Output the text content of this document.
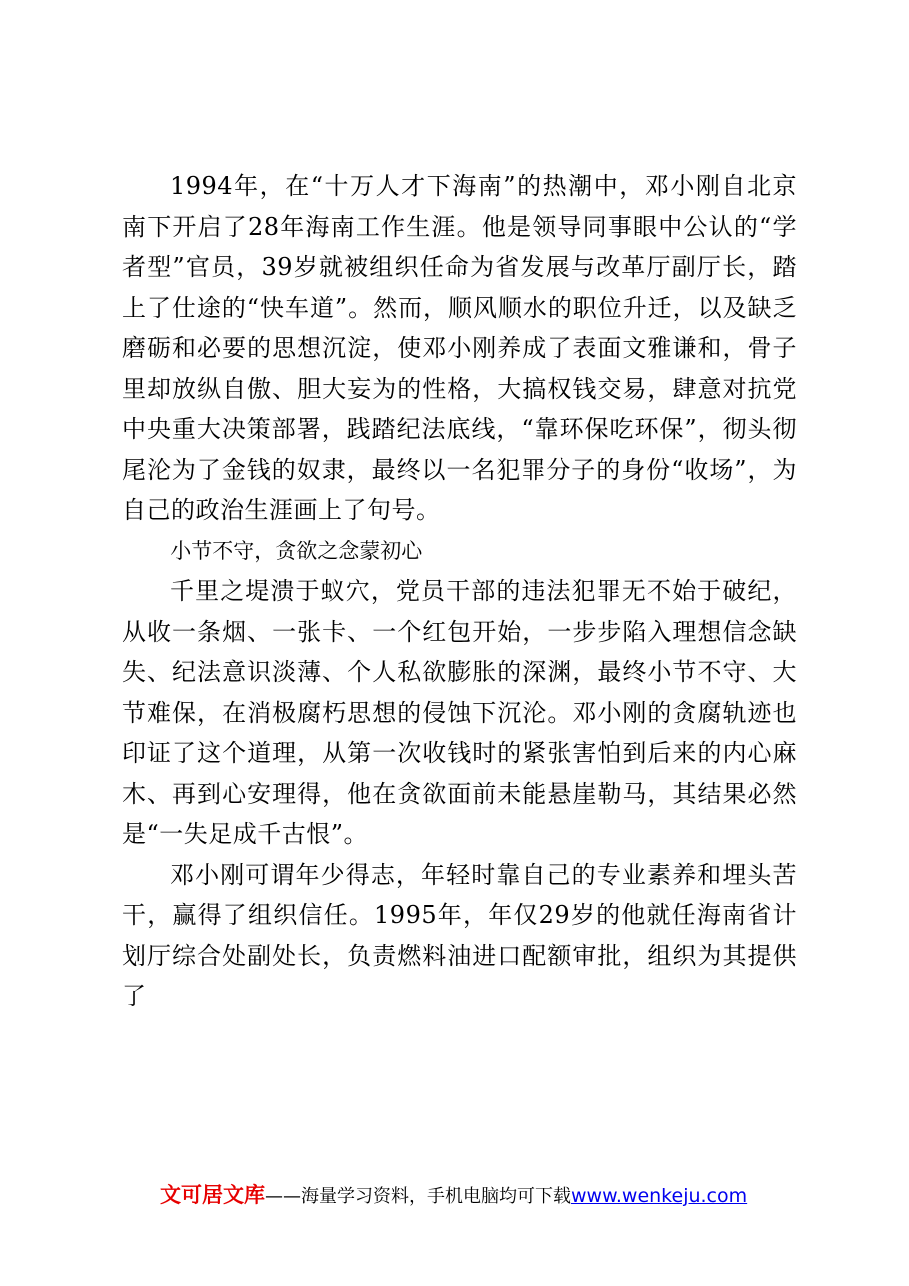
1994年，在“十万人才下海南”的热潮中，邓小刚自北京南下开启了28年海南工作生涯。他是领导同事眼中公认的“学者型”官员，39岁就被组织任命为省发展与改革厅副厅长，踏上了仕途的“快车道”。然而，顺风顺水的职位升迁，以及缺乏磨砺和必要的思想沉淀，使邓小刚养成了表面文雅谦和，骨子里却放纵自傲、胆大妄为的性格，大搞权钱交易，肆意对抗党中央重大决策部署，践踏纪法底线，“靠环保吃环保”，彻头彻尾沦为了金钱的奴隶，最终以一名犯罪分子的身份“收场”，为自己的政治生涯画上了句号。

小节不守，贪欲之念蒙初心

千里之堤溃于蚁穴，党员干部的违法犯罪无不始于破纪，从收一条烟、一张卡、一个红包开始，一步步陷入理想信念缺失、纪法意识淡薄、个人私欲膨胀的深渊，最终小节不守、大节难保，在消极腐朽思想的侵蚀下沉沦。邓小刚的贪腐轨迹也印证了这个道理，从第一次收钱时的紧张害怕到后来的内心麻木、再到心安理得，他在贪欲面前未能悬崖勒马，其结果必然是“一失足成千古恨”。

邓小刚可谓年少得志，年轻时靠自己的专业素养和埋头苦干，赢得了组织信任。1995年，年仅29岁的他就任海南省计划厅综合处副处长，负责燃料油进口配额审批，组织为其提供了

文可居文库——海量学习资料，手机电脑均可下载www.wenkeju.com
